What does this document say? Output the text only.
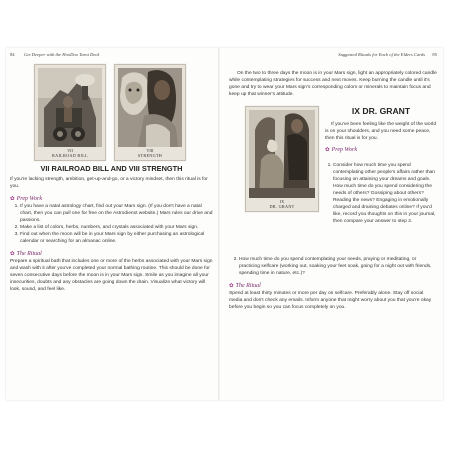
84 Get Deeper with the HooDoo Tarot Deck
VII
RAILROAD BILL
VIII
STRENGTH
VII RAILROAD BILL AND VIII STRENGTH

If you're lacking strength, ambition, get-up-and-go, or a victory mindset, then this ritual is for you.

✿ Prep Work
1. If you have a natal astrology chart, find out your Mars sign. (If you don't have a natal chart, then you can pull one for free on the Astrodienst website.) Mars rules our drive and passions.
2. Make a list of colors, herbs, numbers, and crystals associated with your Mars sign.
3. Find out when the moon will be in your Mars sign by either purchasing an astrological calendar or searching for an almanac online.
✿ The Ritual

Prepare a spiritual bath that includes one or more of the herbs associated with your Mars sign and wash with it after you've completed your normal bathing routine. This should be done for seven consecutive days before the moon is in your Mars sign. Smile as you imagine all your insecurities, doubts and any obstacles are going down the drain. Visualize what victory will look, sound, and feel like.

Suggested Rituals for Each of the Elders Cards 85

On the two to three days the moon is in your Mars sign, light an appropriately colored candle while contemplating strategies for success and next moves. Keep burning the candle until it's gone and try to wear your Mars sign's corresponding colors or minerals to maintain focus and keep up that winner's attitude.

IX
DR. GRANT
IX DR. GRANT

If you've been feeling like the weight of the world is on your shoulders, and you need some peace, then this ritual is for you.

✿ Prep Work
1. Consider how much time you spend contemplating other people's affairs rather than focusing on attaining your dreams and goals. How much time do you spend considering the needs of others? Gossiping about others? Reading the news? Engaging in emotionally charged and draining debates online? If you'd like, record you thoughts on this in your journal, then compare your answer to step 2.
2. How much time do you spend contemplating your needs, praying or meditating, or practicing selfcare (working out, soaking your feet soak, going for a night out with friends, spending time in nature, etc.)?
✿ The Ritual

Spend at least thirty minutes or more per day on selfcare. Preferably alone. Stay off social media and don't check any emails. Inform anyone that might worry about you that you're okay before you begin so you can focus completely on you.
